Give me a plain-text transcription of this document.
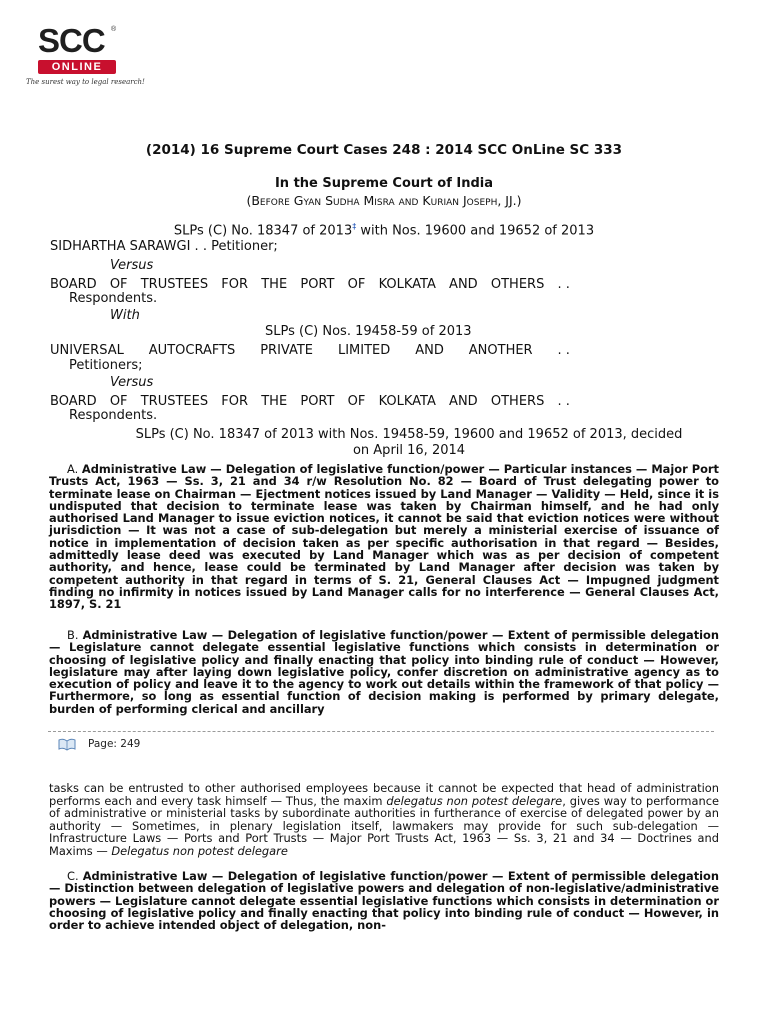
SCC ®
ONLINE
The surest way to legal research!
(2014) 16 Supreme Court Cases 248 : 2014 SCC OnLine SC 333
In the Supreme Court of India
(Before Gyan Sudha Misra and Kurian Joseph, JJ.)
SLPs (C) No. 18347 of 2013‡ with Nos. 19600 and 19652 of 2013
SIDHARTHA SARAWGI . . Petitioner;
Versus
BOARD OF TRUSTEES FOR THE PORT OF KOLKATA AND OTHERS . .
Respondents.
With
SLPs (C) Nos. 19458-59 of 2013
UNIVERSAL AUTOCRAFTS PRIVATE LIMITED AND ANOTHER . .
Petitioners;
Versus
BOARD OF TRUSTEES FOR THE PORT OF KOLKATA AND OTHERS . .
Respondents.
SLPs (C) No. 18347 of 2013 with Nos. 19458-59, 19600 and 19652 of 2013, decided
on April 16, 2014
A. Administrative Law — Delegation of legislative function/power — Particular instances — Major Port Trusts Act, 1963 — Ss. 3, 21 and 34 r/w Resolution No. 82 — Board of Trust delegating power to terminate lease on Chairman — Ejectment notices issued by Land Manager — Validity — Held, since it is undisputed that decision to terminate lease was taken by Chairman himself, and he had only authorised Land Manager to issue eviction notices, it cannot be said that eviction notices were without jurisdiction — It was not a case of sub-delegation but merely a ministerial exercise of issuance of notice in implementation of decision taken as per specific authorisation in that regard — Besides, admittedly lease deed was executed by Land Manager which was as per decision of competent authority, and hence, lease could be terminated by Land Manager after decision was taken by competent authority in that regard in terms of S. 21, General Clauses Act — Impugned judgment finding no infirmity in notices issued by Land Manager calls for no interference — General Clauses Act, 1897, S. 21
B. Administrative Law — Delegation of legislative function/power — Extent of permissible delegation — Legislature cannot delegate essential legislative functions which consists in determination or choosing of legislative policy and finally enacting that policy into binding rule of conduct — However, legislature may after laying down legislative policy, confer discretion on administrative agency as to execution of policy and leave it to the agency to work out details within the framework of that policy — Furthermore, so long as essential function of decision making is performed by primary delegate, burden of performing clerical and ancillary
Page: 249
tasks can be entrusted to other authorised employees because it cannot be expected that head of administration performs each and every task himself — Thus, the maxim delegatus non potest delegare, gives way to performance of administrative or ministerial tasks by subordinate authorities in furtherance of exercise of delegated power by an authority — Sometimes, in plenary legislation itself, lawmakers may provide for such sub-delegation — Infrastructure Laws — Ports and Port Trusts — Major Port Trusts Act, 1963 — Ss. 3, 21 and 34 — Doctrines and Maxims — Delegatus non potest delegare
C. Administrative Law — Delegation of legislative function/power — Extent of permissible delegation — Distinction between delegation of legislative powers and delegation of non-legislative/administrative powers — Legislature cannot delegate essential legislative functions which consists in determination or choosing of legislative policy and finally enacting that policy into binding rule of conduct — However, in order to achieve intended object of delegation, non-
